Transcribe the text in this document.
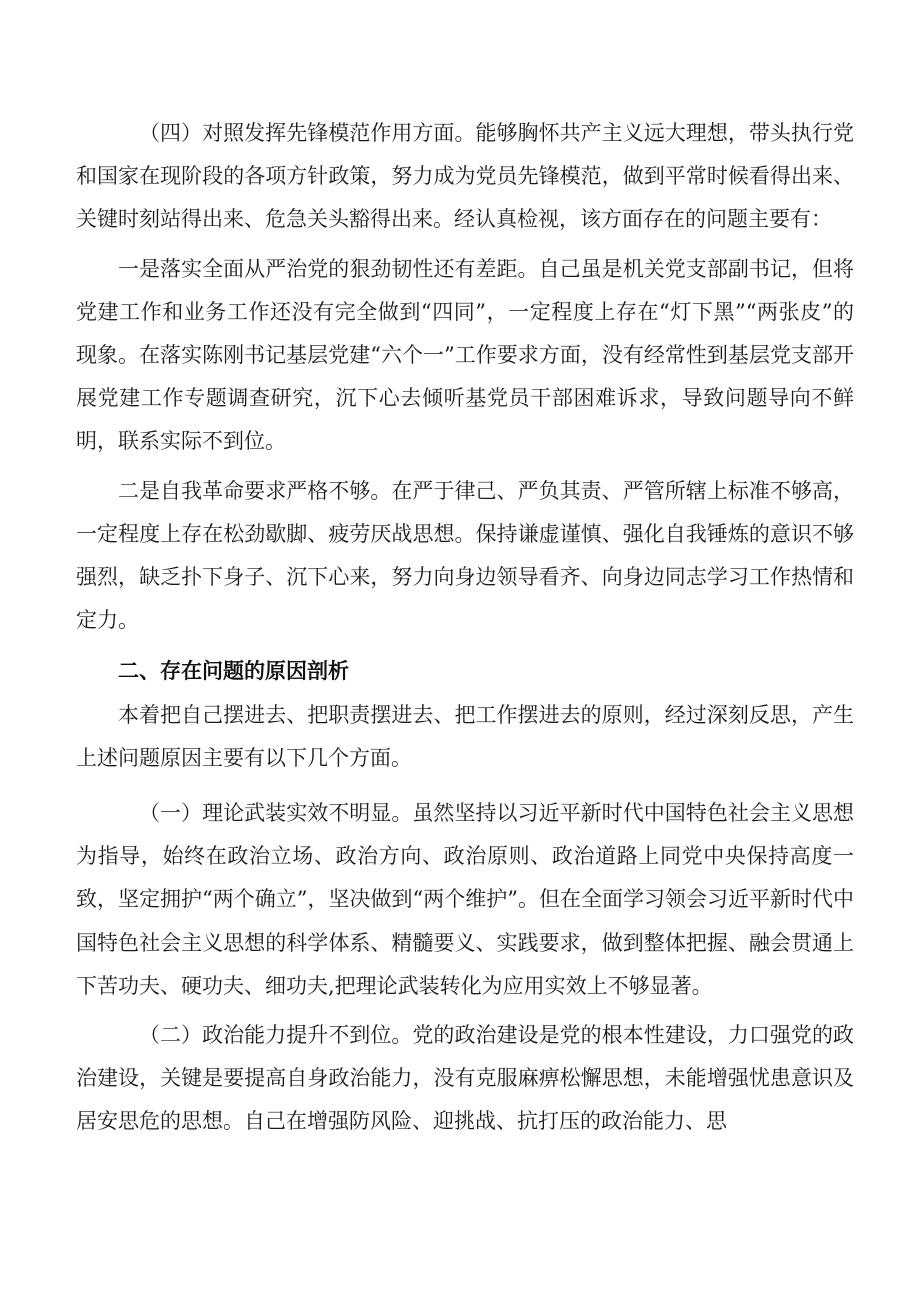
（四）对照发挥先锋模范作用方面。能够胸怀共产主义远大理想，带头执行党和国家在现阶段的各项方针政策，努力成为党员先锋模范，做到平常时候看得出来、关键时刻站得出来、危急关头豁得出来。经认真检视，该方面存在的问题主要有：

一是落实全面从严治党的狠劲韧性还有差距。自己虽是机关党支部副书记，但将党建工作和业务工作还没有完全做到“四同”，一定程度上存在“灯下黑”“两张皮”的现象。在落实陈刚书记基层党建“六个一”工作要求方面，没有经常性到基层党支部开展党建工作专题调查研究，沉下心去倾听基党员干部困难诉求，导致问题导向不鲜明，联系实际不到位。

二是自我革命要求严格不够。在严于律己、严负其责、严管所辖上标准不够高，一定程度上存在松劲歇脚、疲劳厌战思想。保持谦虚谨慎、强化自我锤炼的意识不够强烈，缺乏扑下身子、沉下心来，努力向身边领导看齐、向身边同志学习工作热情和定力。

二、存在问题的原因剖析

本着把自己摆进去、把职责摆进去、把工作摆进去的原则，经过深刻反思，产生上述问题原因主要有以下几个方面。

（一）理论武装实效不明显。虽然坚持以习近平新时代中国特色社会主义思想为指导，始终在政治立场、政治方向、政治原则、政治道路上同党中央保持高度一致，坚定拥护“两个确立”，坚决做到“两个维护”。但在全面学习领会习近平新时代中国特色社会主义思想的科学体系、精髓要义、实践要求，做到整体把握、融会贯通上下苦功夫、硬功夫、细功夫,把理论武装转化为应用实效上不够显著。

（二）政治能力提升不到位。党的政治建设是党的根本性建设，力口强党的政治建设，关键是要提高自身政治能力，没有克服麻痹松懈思想，未能增强忧患意识及居安思危的思想。自己在增强防风险、迎挑战、抗打压的政治能力、思
